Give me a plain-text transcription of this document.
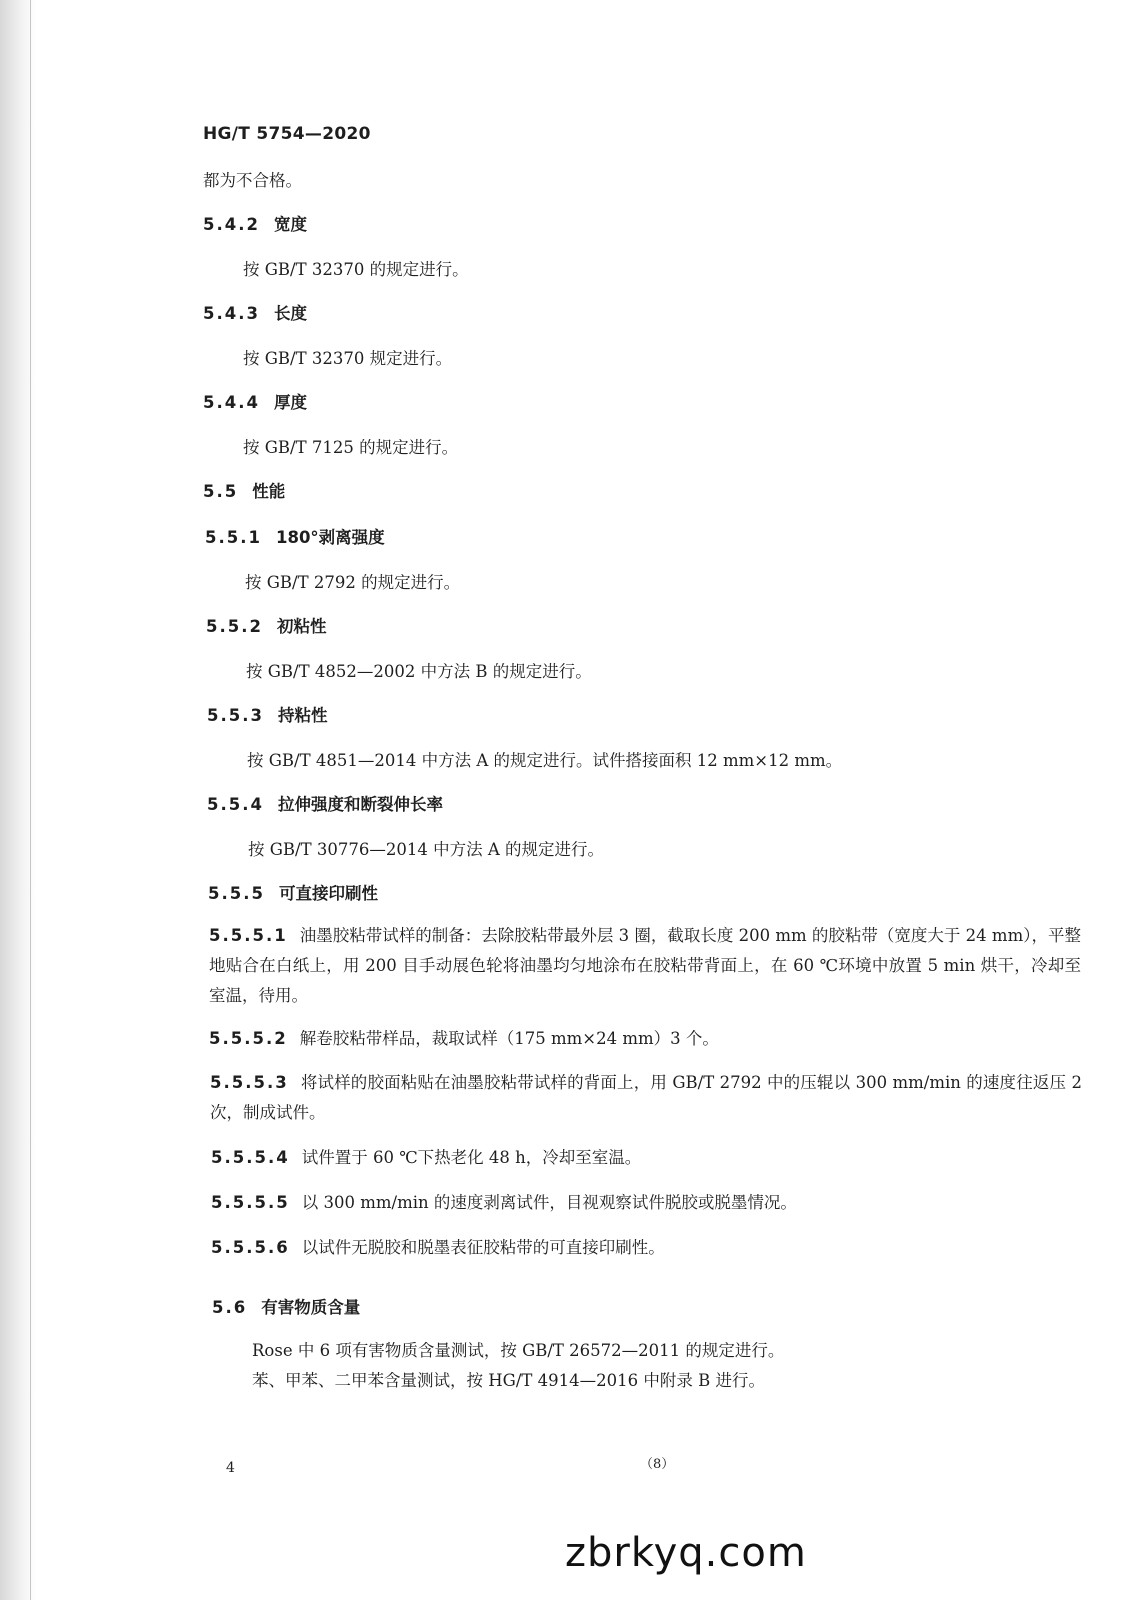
HG/T 5754—2020
都为不合格。
5.4.2 宽度
按 GB/T 32370 的规定进行。
5.4.3 长度
按 GB/T 32370 规定进行。
5.4.4 厚度
按 GB/T 7125 的规定进行。
5.5 性能
5.5.1 180°剥离强度
按 GB/T 2792 的规定进行。
5.5.2 初粘性
按 GB/T 4852—2002 中方法 B 的规定进行。
5.5.3 持粘性
按 GB/T 4851—2014 中方法 A 的规定进行。试件搭接面积 12 mm×12 mm。
5.5.4 拉伸强度和断裂伸长率
按 GB/T 30776—2014 中方法 A 的规定进行。
5.5.5 可直接印刷性
5.5.5.1 油墨胶粘带试样的制备：去除胶粘带最外层 3 圈，截取长度 200 mm 的胶粘带（宽度大于 24 mm），平整地贴合在白纸上，用 200 目手动展色轮将油墨均匀地涂布在胶粘带背面上，在 60 ℃环境中放置 5 min 烘干，冷却至室温，待用。
5.5.5.2 解卷胶粘带样品，裁取试样（175 mm×24 mm）3 个。
5.5.5.3 将试样的胶面粘贴在油墨胶粘带试样的背面上，用 GB/T 2792 中的压辊以 300 mm/min 的速度往返压 2 次，制成试件。
5.5.5.4 试件置于 60 ℃下热老化 48 h，冷却至室温。
5.5.5.5 以 300 mm/min 的速度剥离试件，目视观察试件脱胶或脱墨情况。
5.5.5.6 以试件无脱胶和脱墨表征胶粘带的可直接印刷性。
5.6 有害物质含量
Rose 中 6 项有害物质含量测试，按 GB/T 26572—2011 的规定进行。
苯、甲苯、二甲苯含量测试，按 HG/T 4914—2016 中附录 B 进行。
4	（8）
zbrkyq.com
